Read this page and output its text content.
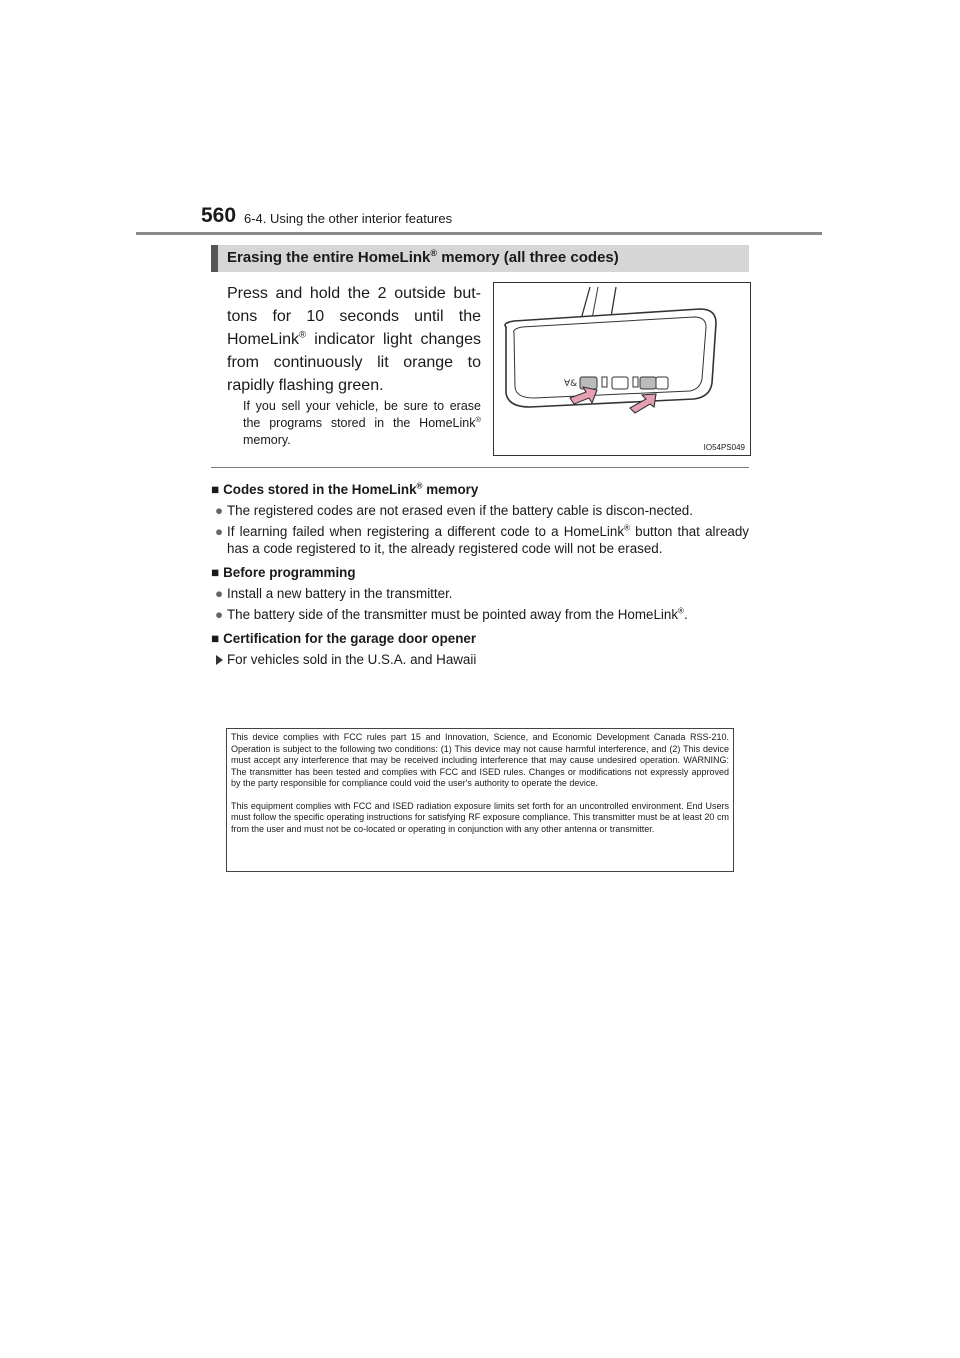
560 6-4. Using the other interior features
Erasing the entire HomeLink® memory (all three codes)
Press and hold the 2 outside but-tons for 10 seconds until the HomeLink® indicator light changes from continuously lit orange to rapidly flashing green.
If you sell your vehicle, be sure to erase the programs stored in the HomeLink® memory.
∀&
IO54PS049
■ Codes stored in the HomeLink® memory
● The registered codes are not erased even if the battery cable is discon-nected.
● If learning failed when registering a different code to a HomeLink® button that already has a code registered to it, the already registered code will not be erased.
■ Before programming
● Install a new battery in the transmitter.
● The battery side of the transmitter must be pointed away from the HomeLink®.
■ Certification for the garage door opener
For vehicles sold in the U.S.A. and Hawaii

This device complies with FCC rules part 15 and Innovation, Science, and Economic Development Canada RSS-210. Operation is subject to the following two conditions: (1) This device may not cause harmful interference, and (2) This device must accept any interference that may be received including interference that may cause undesired operation. WARNING: The transmitter has been tested and complies with FCC and ISED rules. Changes or modifications not expressly approved by the party responsible for compliance could void the user's authority to operate the device.

This equipment complies with FCC and ISED radiation exposure limits set forth for an uncontrolled environment. End Users must follow the specific operating instructions for satisfying RF exposure compliance. This transmitter must be at least 20 cm from the user and must not be co-located or operating in conjunction with any other antenna or transmitter.
